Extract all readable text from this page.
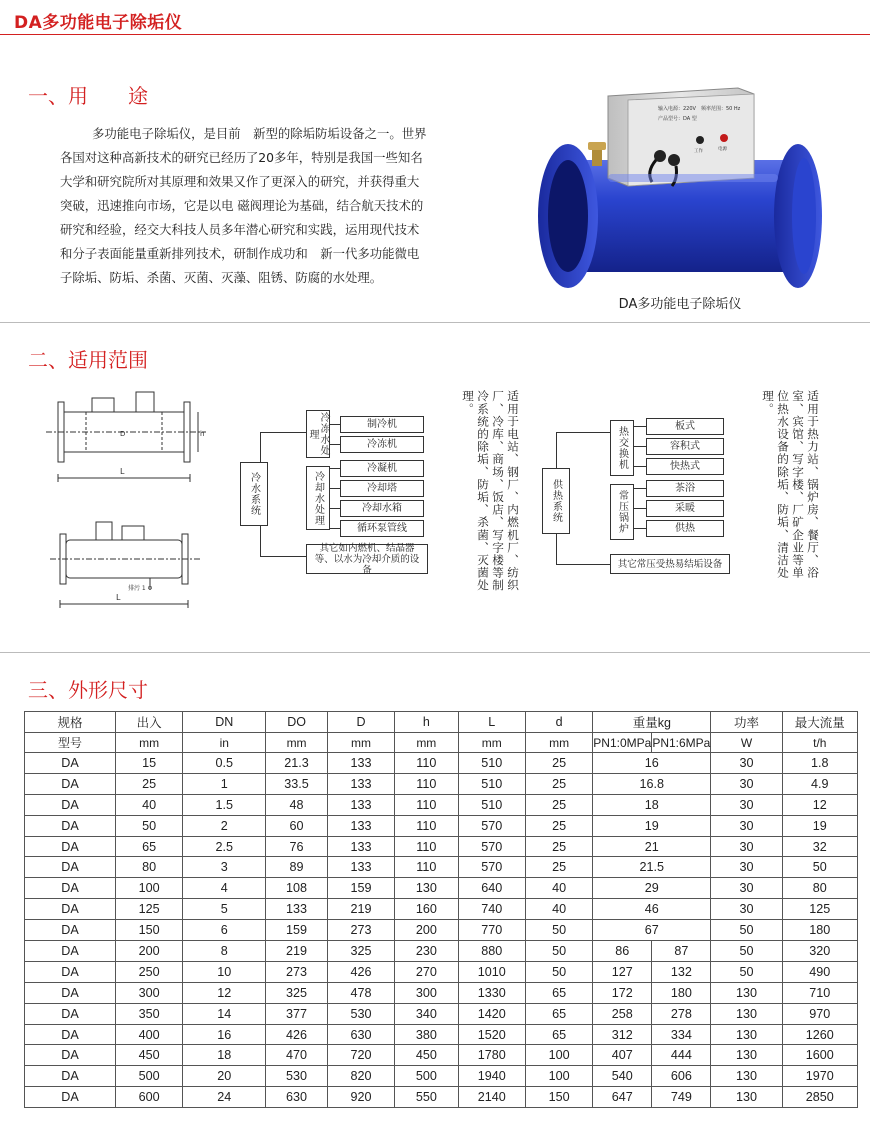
DA多功能电子除垢仪
一、用　　途
多功能电子除垢仪，是目前　新型的除垢防垢设备之一。世界
各国对这种高新技术的研究已经历了20多年，特别是我国一些知名
大学和研究院所对其原理和效果又作了更深入的研究，并获得重大
突破，迅速推向市场，它是以电 磁阀理论为基础，结合航天技术的
研究和经验，经交大科技人员多年潜心研究和实践，运用现代技术
和分子表面能量重新排列技术，研制作成功和　新一代多功能微电
子除垢、防垢、杀菌、灭菌、灭藻、阻锈、防腐的水处理。
输入电源：220V　频率范围：50 Hz
产品型号：DA 型
工作	电源
DA多功能电子除垢仪
二、适用范围
L
D	h
L
排污 1 Φ
冷水系统
冷冻水处理
制冷机
冷冻机
冷却水处理
冷凝机
冷却塔
冷却水箱
循环泵管线
其它如内燃机、结晶器等、以水为冷却介质的设备	适用于电站、钢厂、内燃机厂、纺织厂、冷库、商场、饭店、写字楼等制冷系统的除垢、防垢、杀菌、灭菌处理。
供热系统
热交换机	板式
容积式
快热式
常压锅炉
茶浴
采暖
供热
其它常压受热易结垢设备	适用于热力站、锅炉房、餐厅、浴室、宾馆、写字楼、厂矿企业等单位热水设备的除垢、防垢、清洁处理。
三、外形尺寸
规格	出入	DN	DO	D	h	L	d	重量kg		功率	最大流量
型号	mm	in	mm	mm	mm	mm	mm	PN1:0MPa	PN1:6MPa	W	t/h
DA	15	0.5	21.3	133	110	510	25	16		30	1.8
DA	25	1	33.5	133	110	510	25	16.8		30	4.9
DA	40	1.5	48	133	110	510	25	18		30	12
DA	50	2	60	133	110	570	25	19		30	19
DA	65	2.5	76	133	110	570	25	21		30	32
DA	80	3	89	133	110	570	25	21.5		30	50
DA	100	4	108	159	130	640	40	29		30	80
DA	125	5	133	219	160	740	40	46		30	125
DA	150	6	159	273	200	770	50	67		50	180
DA	200	8	219	325	230	880	50	86	87	50	320
DA	250	10	273	426	270	1010	50	127	132	50	490
DA	300	12	325	478	300	1330	65	172	180	130	710
DA	350	14	377	530	340	1420	65	258	278	130	970
DA	400	16	426	630	380	1520	65	312	334	130	1260
DA	450	18	470	720	450	1780	100	407	444	130	1600
DA	500	20	530	820	500	1940	100	540	606	130	1970
DA	600	24	630	920	550	2140	150	647	749	130	2850
